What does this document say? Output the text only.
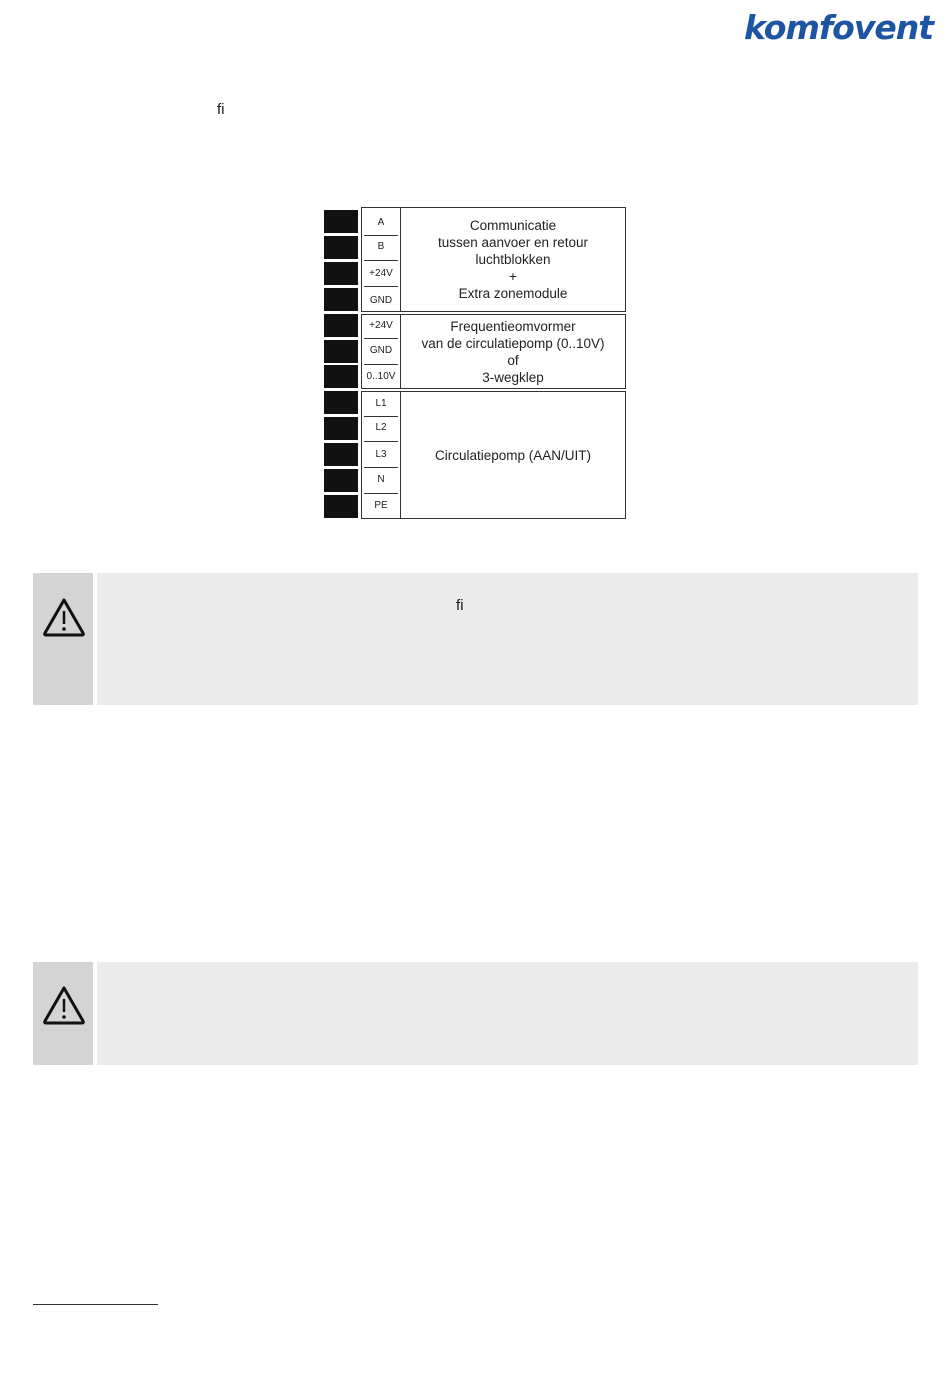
komfovent
ﬁ
A
B
+24V
GND
Communicatie
tussen aanvoer en retour
luchtblokken
+
Extra zonemodule
+24V
GND
0..10V
Frequentieomvormer
van de circulatiepomp (0..10V)
of
3-wegklep
L1
L2
L3
N
PE
Circulatiepomp (AAN/UIT)
ﬁ
